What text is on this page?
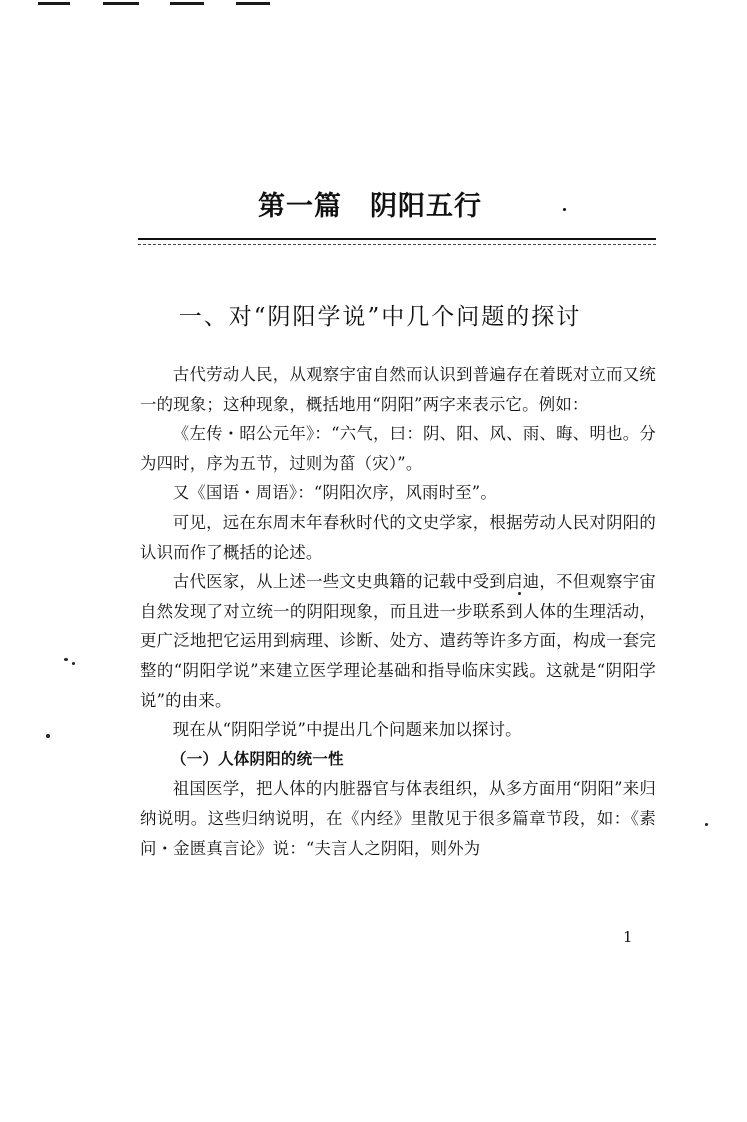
第一篇　阴阳五行
一、对“阴阳学说”中几个问题的探讨

古代劳动人民，从观察宇宙自然而认识到普遍存在着既对立而又统一的现象；这种现象，概括地用“阴阳”两字来表示它。例如：

《左传・昭公元年》：“六气，曰：阴、阳、风、雨、晦、明也。分为四时，序为五节，过则为菑（灾）”。

又《国语・周语》：“阴阳次序，风雨时至”。

可见，远在东周末年春秋时代的文史学家，根据劳动人民对阴阳的认识而作了概括的论述。

古代医家，从上述一些文史典籍的记载中受到启迪，不但观察宇宙自然发现了对立统一的阴阳现象，而且进一步联系到人体的生理活动，更广泛地把它运用到病理、诊断、处方、遣药等许多方面，构成一套完整的“阴阳学说”来建立医学理论基础和指导临床实践。这就是“阴阳学说”的由来。

现在从“阴阳学说”中提出几个问题来加以探讨。

（一）人体阴阳的统一性

祖国医学，把人体的内脏器官与体表组织，从多方面用“阴阳”来归纳说明。这些归纳说明，在《内经》里散见于很多篇章节段，如：《素问・金匮真言论》说：“夫言人之阴阳，则外为

1
